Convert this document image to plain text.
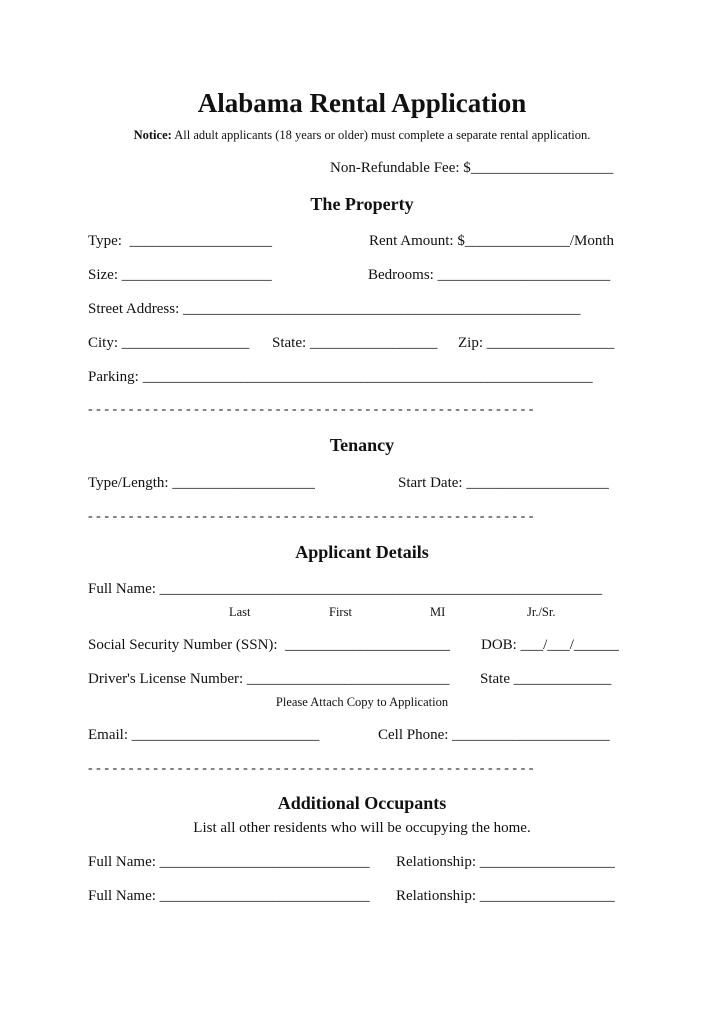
Alabama Rental Application
Notice: All adult applicants (18 years or older) must complete a separate rental application.
Non-Refundable Fee: $___________________
The Property
Type:  ___________________	Rent Amount: $______________/Month
Size: ____________________	Bedrooms: _______________________
Street Address: _____________________________________________________
City: _________________ State: _________________ Zip: _________________
Parking: ____________________________________________________________
- - - - - - - - - - - - - - - - - - - - - - - - - - - - - - - - - - - - - - - - - - - - - - - - - - - - - - -
Tenancy
Type/Length: ___________________	Start Date: ___________________
- - - - - - - - - - - - - - - - - - - - - - - - - - - - - - - - - - - - - - - - - - - - - - - - - - - - - - -
Applicant Details
Full Name: ___________________________________________________________
Last	First	MI	Jr./Sr.
Social Security Number (SSN):  ______________________ DOB: ___/___/______
Driver's License Number: ___________________________ State _____________
Please Attach Copy to Application
Email: _________________________	Cell Phone: _____________________
- - - - - - - - - - - - - - - - - - - - - - - - - - - - - - - - - - - - - - - - - - - - - - - - - - - - - - -
Additional Occupants
List all other residents who will be occupying the home.
Full Name: ____________________________ Relationship: __________________
Full Name: ____________________________ Relationship: __________________
